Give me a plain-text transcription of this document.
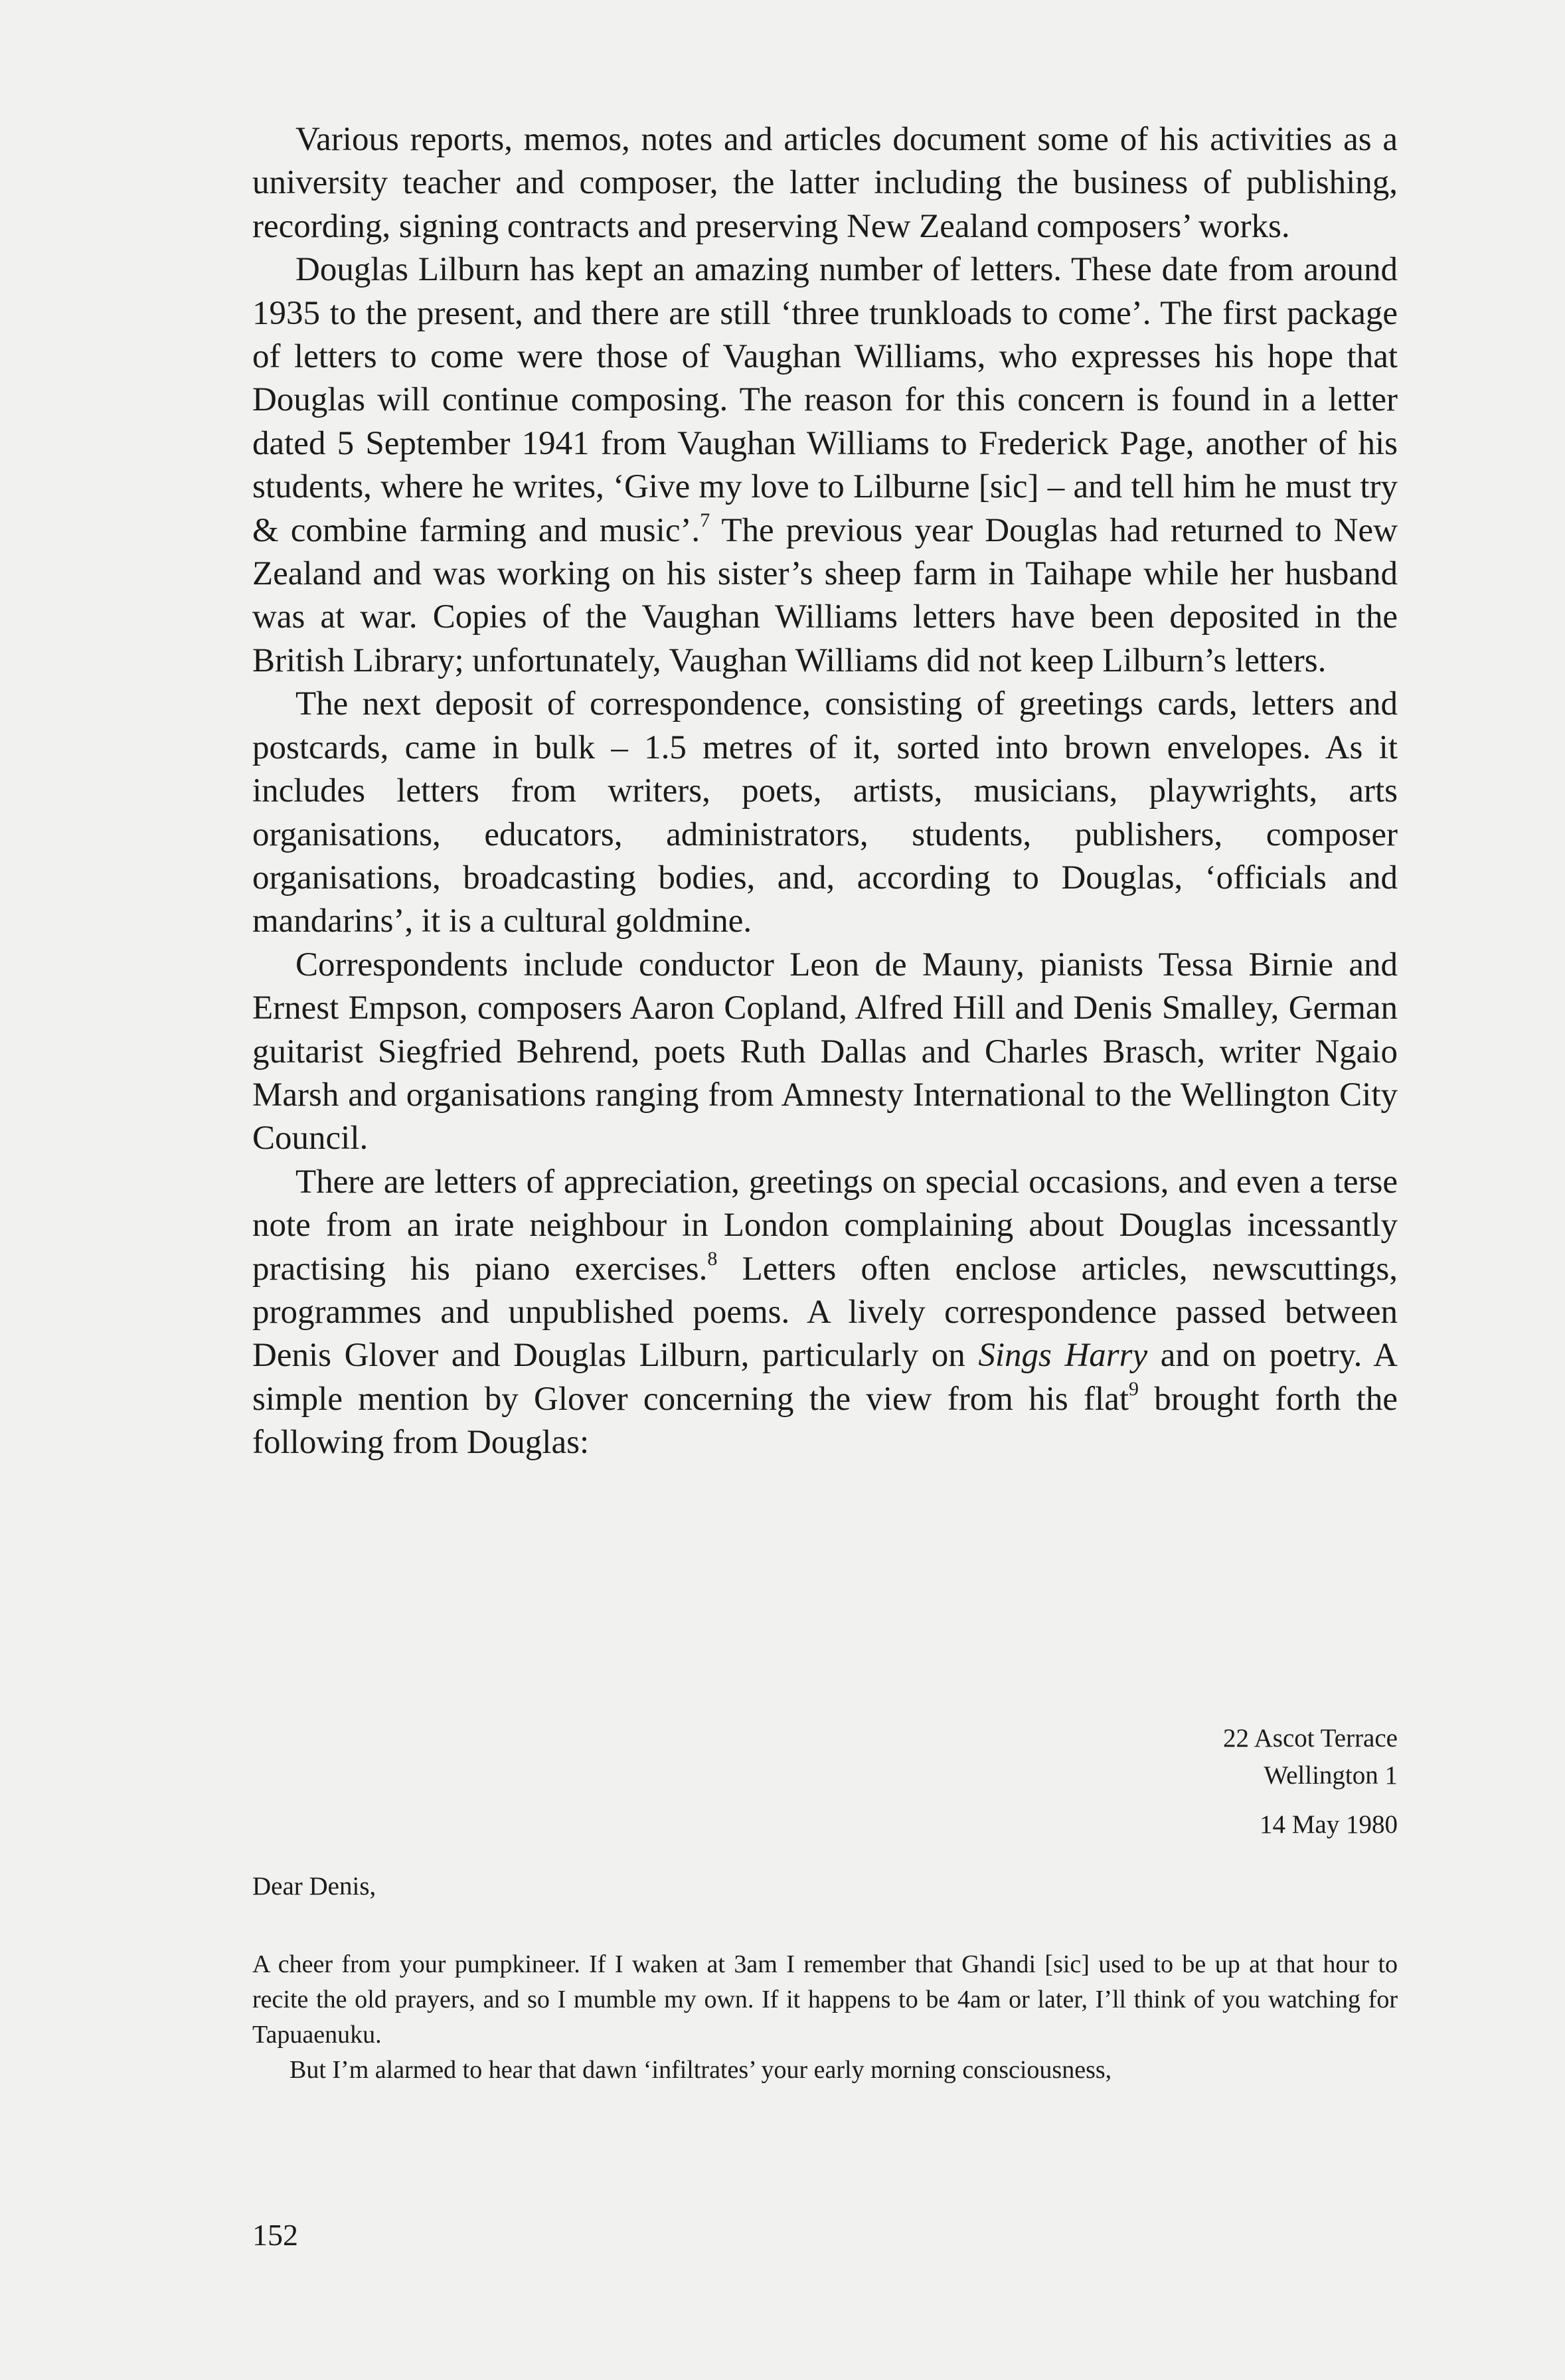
Various reports, memos, notes and articles document some of his activities as a university teacher and composer, the latter including the business of publishing, recording, signing contracts and preserving New Zealand composers’ works.

Douglas Lilburn has kept an amazing number of letters. These date from around 1935 to the present, and there are still ‘three trunkloads to come’. The first package of letters to come were those of Vaughan Williams, who expresses his hope that Douglas will continue composing. The reason for this concern is found in a letter dated 5 September 1941 from Vaughan Williams to Frederick Page, another of his students, where he writes, ‘Give my love to Lilburne [sic] – and tell him he must try & combine farming and music’.$^7$ The previous year Douglas had returned to New Zealand and was working on his sister’s sheep farm in Taihape while her husband was at war. Copies of the Vaughan Williams letters have been deposited in the British Library; unfortunately, Vaughan Williams did not keep Lilburn’s letters.

The next deposit of correspondence, consisting of greetings cards, letters and postcards, came in bulk – 1.5 metres of it, sorted into brown envelopes. As it includes letters from writers, poets, artists, musicians, playwrights, arts organisations, educators, administrators, students, publishers, composer organisations, broadcasting bodies, and, according to Douglas, ‘officials and mandarins’, it is a cultural goldmine.

Correspondents include conductor Leon de Mauny, pianists Tessa Birnie and Ernest Empson, composers Aaron Copland, Alfred Hill and Denis Smalley, German guitarist Siegfried Behrend, poets Ruth Dallas and Charles Brasch, writer Ngaio Marsh and organisations ranging from Amnesty International to the Wellington City Council.

There are letters of appreciation, greetings on special occasions, and even a terse note from an irate neighbour in London complaining about Douglas incessantly practising his piano exercises.$^8$ Letters often enclose articles, newscuttings, programmes and unpublished poems. A lively correspondence passed between Denis Glover and Douglas Lilburn, particularly on Sings Harry and on poetry. A simple mention by Glover concerning the view from his flat$^9$ brought forth the following from Douglas:

22 Ascot Terrace
Wellington 1
14 May 1980
Dear Denis,

A cheer from your pumpkineer. If I waken at 3am I remember that Ghandi [sic] used to be up at that hour to recite the old prayers, and so I mumble my own. If it happens to be 4am or later, I’ll think of you watching for Tapuaenuku.

But I’m alarmed to hear that dawn ‘infiltrates’ your early morning consciousness,

152
